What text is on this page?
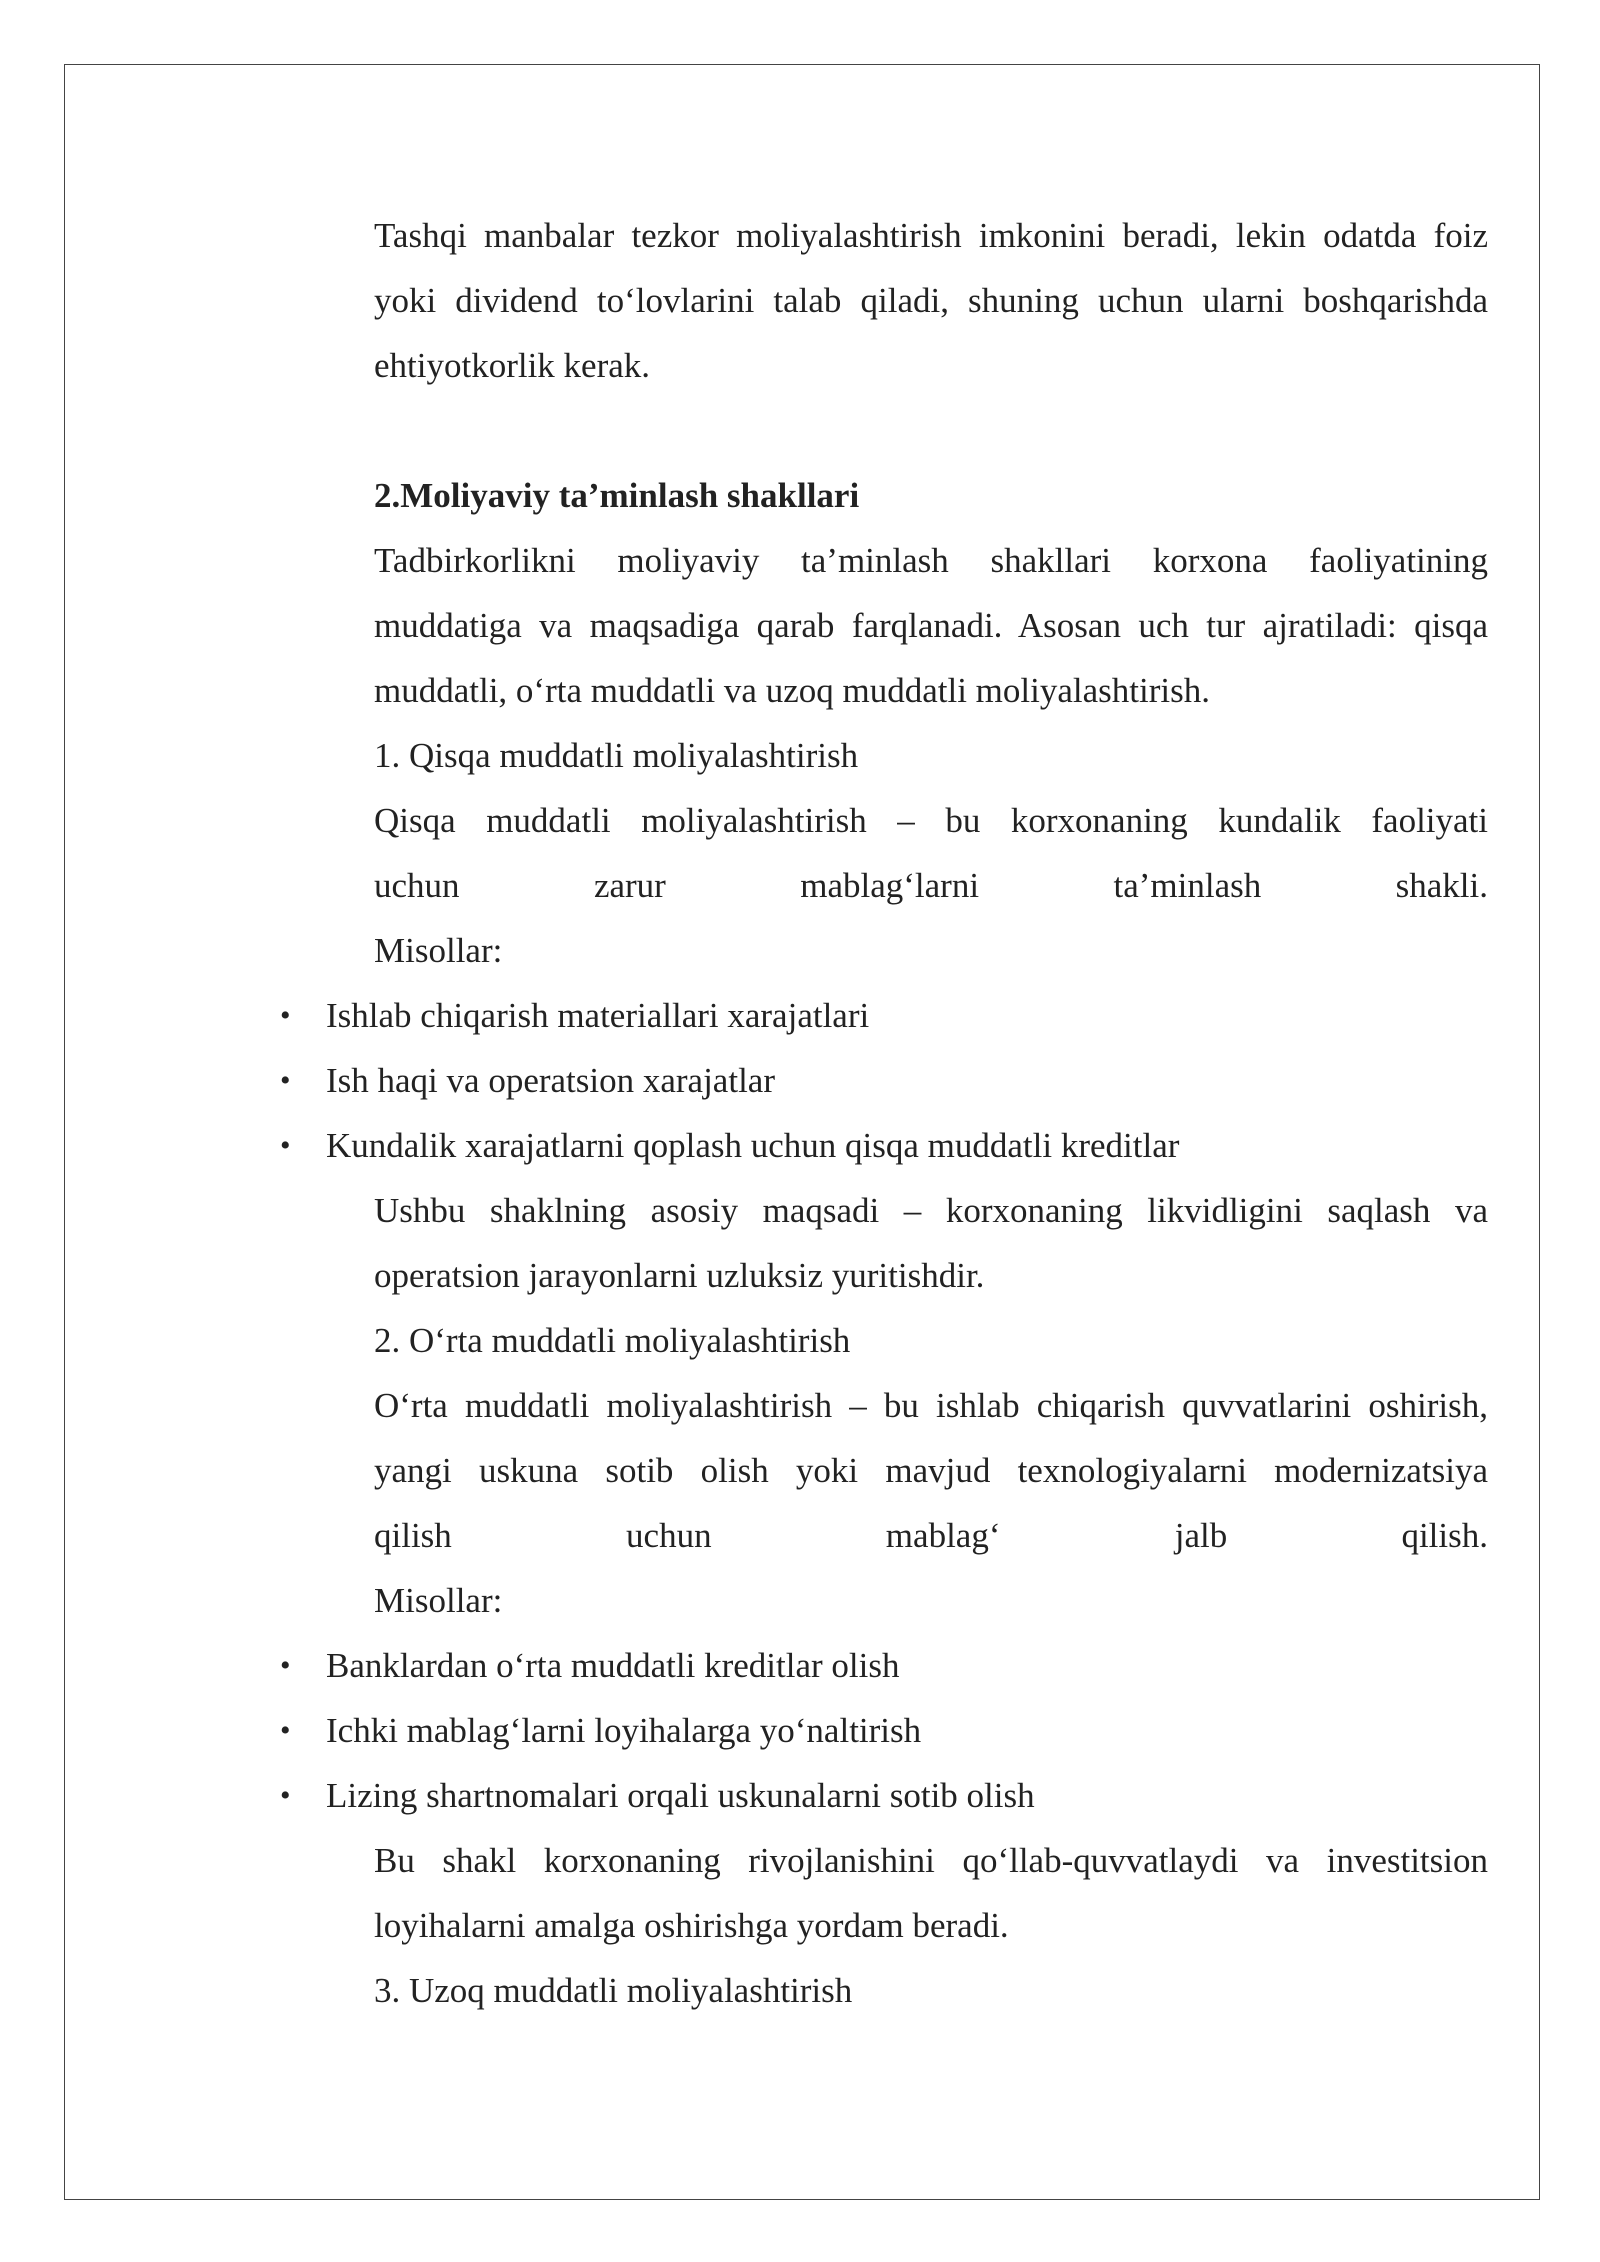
Tashqi manbalar tezkor moliyalashtirish imkonini beradi, lekin odatda foiz
yoki dividend to‘lovlarini talab qiladi, shuning uchun ularni boshqarishda
ehtiyotkorlik kerak.
2.Moliyaviy ta’minlash shakllari
Tadbirkorlikni moliyaviy ta’minlash shakllari korxona faoliyatining
muddatiga va maqsadiga qarab farqlanadi. Asosan uch tur ajratiladi: qisqa
muddatli, o‘rta muddatli va uzoq muddatli moliyalashtirish.
1. Qisqa muddatli moliyalashtirish
Qisqa muddatli moliyalashtirish – bu korxonaning kundalik faoliyati
uchun zarur mablag‘larni ta’minlash shakli.
Misollar:
•	Ishlab chiqarish materiallari xarajatlari
•	Ish haqi va operatsion xarajatlar
•	Kundalik xarajatlarni qoplash uchun qisqa muddatli kreditlar
Ushbu shaklning asosiy maqsadi – korxonaning likvidligini saqlash va
operatsion jarayonlarni uzluksiz yuritishdir.
2. O‘rta muddatli moliyalashtirish
O‘rta muddatli moliyalashtirish – bu ishlab chiqarish quvvatlarini oshirish,
yangi uskuna sotib olish yoki mavjud texnologiyalarni modernizatsiya
qilish uchun mablag‘ jalb qilish.
Misollar:
•	Banklardan o‘rta muddatli kreditlar olish
•	Ichki mablag‘larni loyihalarga yo‘naltirish
•	Lizing shartnomalari orqali uskunalarni sotib olish
Bu shakl korxonaning rivojlanishini qo‘llab-quvvatlaydi va investitsion
loyihalarni amalga oshirishga yordam beradi.
3. Uzoq muddatli moliyalashtirish
